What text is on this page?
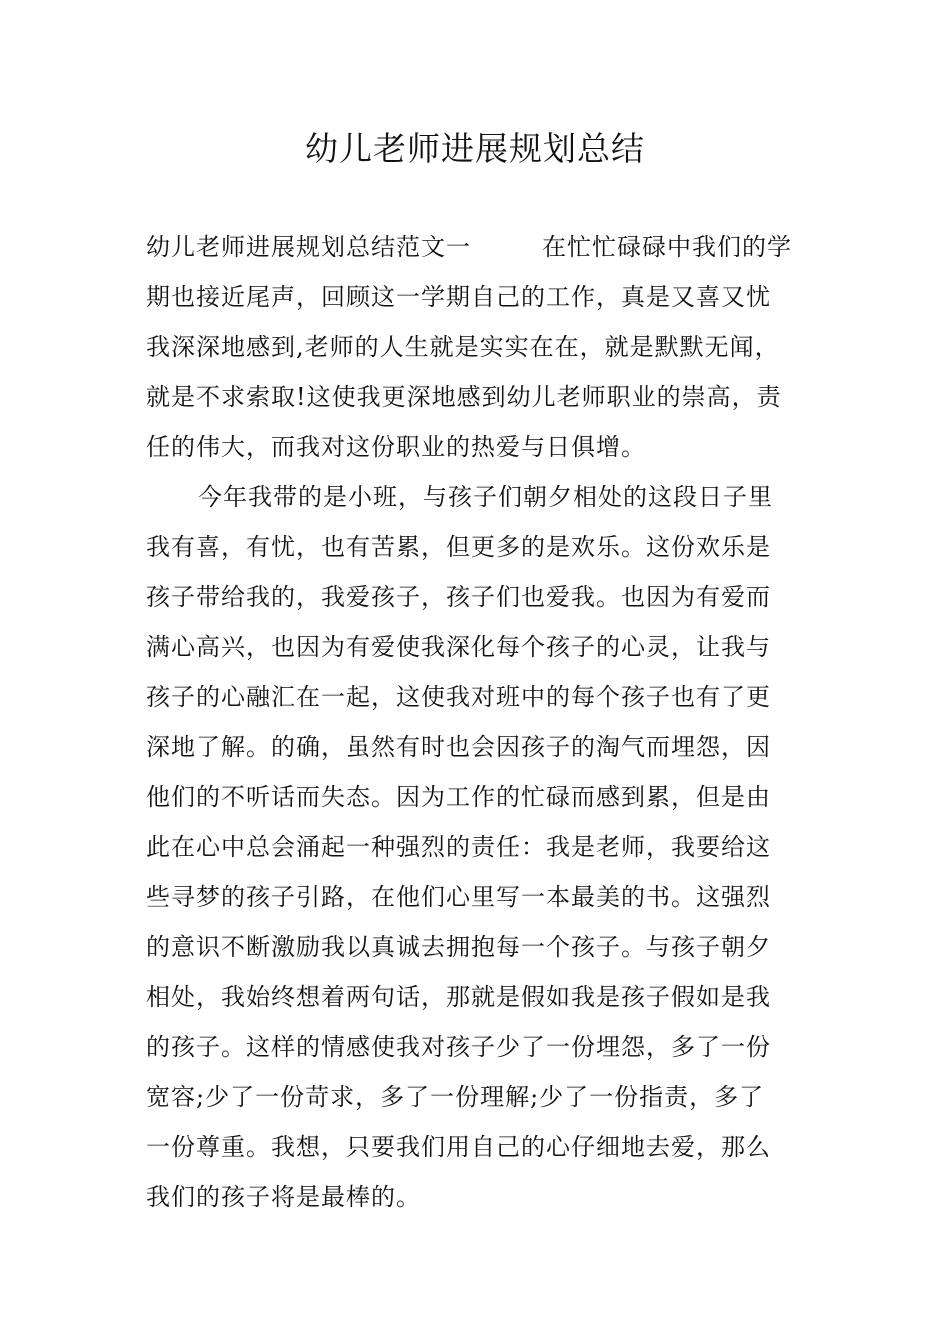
幼儿老师进展规划总结
幼儿老师进展规划总结范文一	在忙忙碌碌中我们的学
期也接近尾声，回顾这一学期自己的工作，真是又喜又忧
我深深地感到,老师的人生就是实实在在，就是默默无闻，
就是不求索取!这使我更深地感到幼儿老师职业的崇高，责
任的伟大，而我对这份职业的热爱与日俱增。
今年我带的是小班，与孩子们朝夕相处的这段日子里
我有喜，有忧，也有苦累，但更多的是欢乐。这份欢乐是
孩子带给我的，我爱孩子，孩子们也爱我。也因为有爱而
满心高兴，也因为有爱使我深化每个孩子的心灵，让我与
孩子的心融汇在一起，这使我对班中的每个孩子也有了更
深地了解。的确，虽然有时也会因孩子的淘气而埋怨，因
他们的不听话而失态。因为工作的忙碌而感到累，但是由
此在心中总会涌起一种强烈的责任：我是老师，我要给这
些寻梦的孩子引路，在他们心里写一本最美的书。这强烈
的意识不断激励我以真诚去拥抱每一个孩子。与孩子朝夕
相处，我始终想着两句话，那就是假如我是孩子假如是我
的孩子。这样的情感使我对孩子少了一份埋怨，多了一份
宽容;少了一份苛求，多了一份理解;少了一份指责，多了
一份尊重。我想，只要我们用自己的心仔细地去爱，那么
我们的孩子将是最棒的。
